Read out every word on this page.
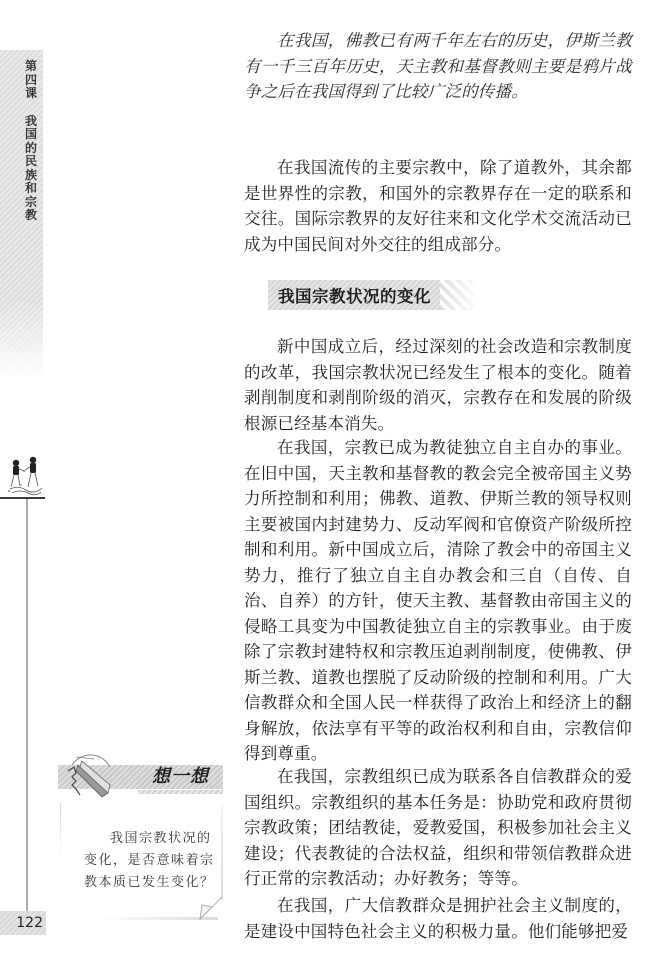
第
四
课
我
国
的
民
族
和
宗
教
122
想一想
我国宗教状况的变化，是否意味着宗教本质已发生变化？

在我国，佛教已有两千年左右的历史，伊斯兰教有一千三百年历史，天主教和基督教则主要是鸦片战争之后在我国得到了比较广泛的传播。

在我国流传的主要宗教中，除了道教外，其余都是世界性的宗教，和国外的宗教界存在一定的联系和交往。国际宗教界的友好往来和文化学术交流活动已成为中国民间对外交往的组成部分。

我国宗教状况的变化

新中国成立后，经过深刻的社会改造和宗教制度的改革，我国宗教状况已经发生了根本的变化。随着剥削制度和剥削阶级的消灭，宗教存在和发展的阶级根源已经基本消失。

在我国，宗教已成为教徒独立自主自办的事业。在旧中国，天主教和基督教的教会完全被帝国主义势力所控制和利用；佛教、道教、伊斯兰教的领导权则主要被国内封建势力、反动军阀和官僚资产阶级所控制和利用。新中国成立后，清除了教会中的帝国主义势力，推行了独立自主自办教会和三自（自传、自治、自养）的方针，使天主教、基督教由帝国主义的侵略工具变为中国教徒独立自主的宗教事业。由于废除了宗教封建特权和宗教压迫剥削制度，使佛教、伊斯兰教、道教也摆脱了反动阶级的控制和利用。广大信教群众和全国人民一样获得了政治上和经济上的翻身解放，依法享有平等的政治权利和自由，宗教信仰得到尊重。

在我国，宗教组织已成为联系各自信教群众的爱国组织。宗教组织的基本任务是：协助党和政府贯彻宗教政策；团结教徒，爱教爱国，积极参加社会主义建设；代表教徒的合法权益，组织和带领信教群众进行正常的宗教活动；办好教务；等等。

在我国，广大信教群众是拥护社会主义制度的，是建设中国特色社会主义的积极力量。他们能够把爱
